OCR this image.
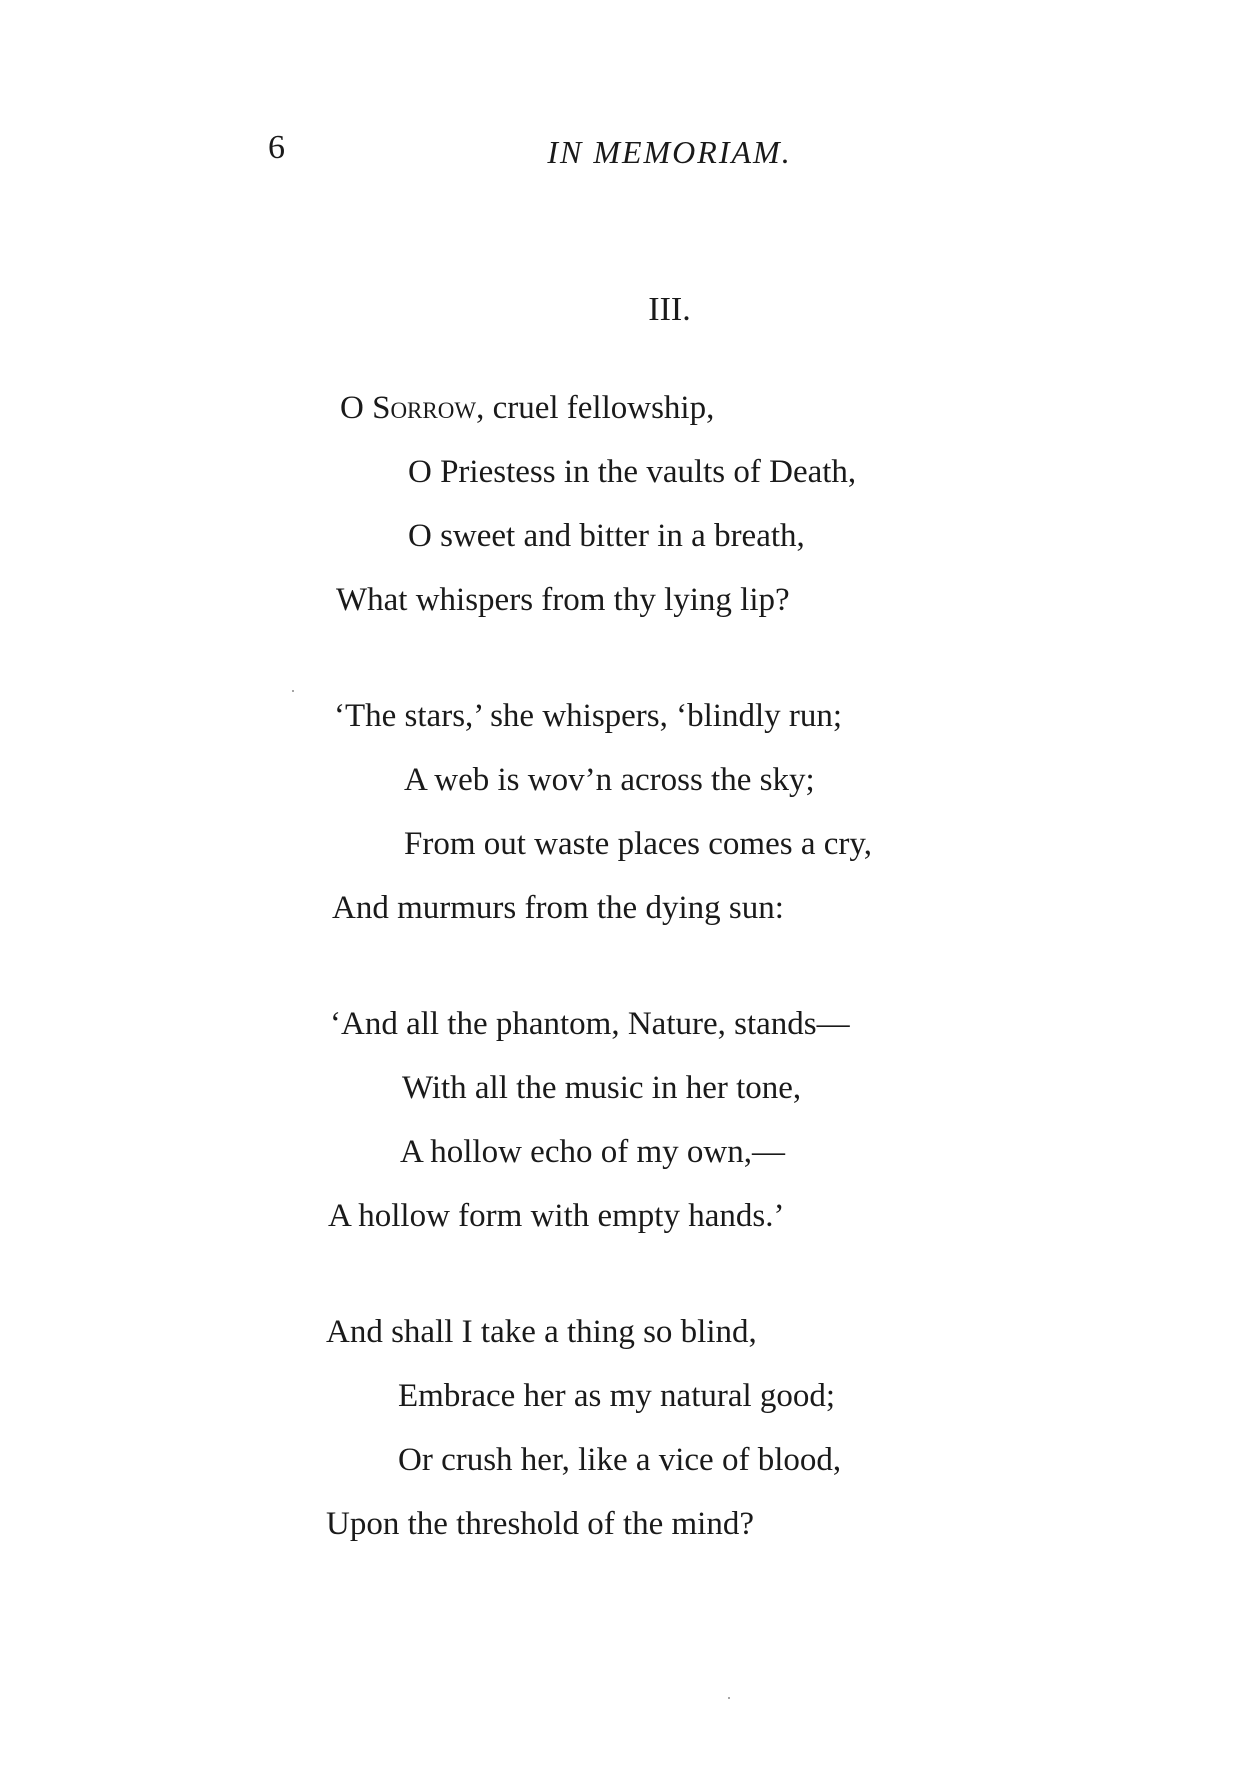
6	IN MEMORIAM.
III.
O Sorrow, cruel fellowship,
O Priestess in the vaults of Death,
O sweet and bitter in a breath,
What whispers from thy lying lip?
‘The stars,’ she whispers, ‘blindly run;
A web is wov’n across the sky;
From out waste places comes a cry,
And murmurs from the dying sun:
‘And all the phantom, Nature, stands—
With all the music in her tone,
A hollow echo of my own,—
A hollow form with empty hands.’
And shall I take a thing so blind,
Embrace her as my natural good;
Or crush her, like a vice of blood,
Upon the threshold of the mind?
